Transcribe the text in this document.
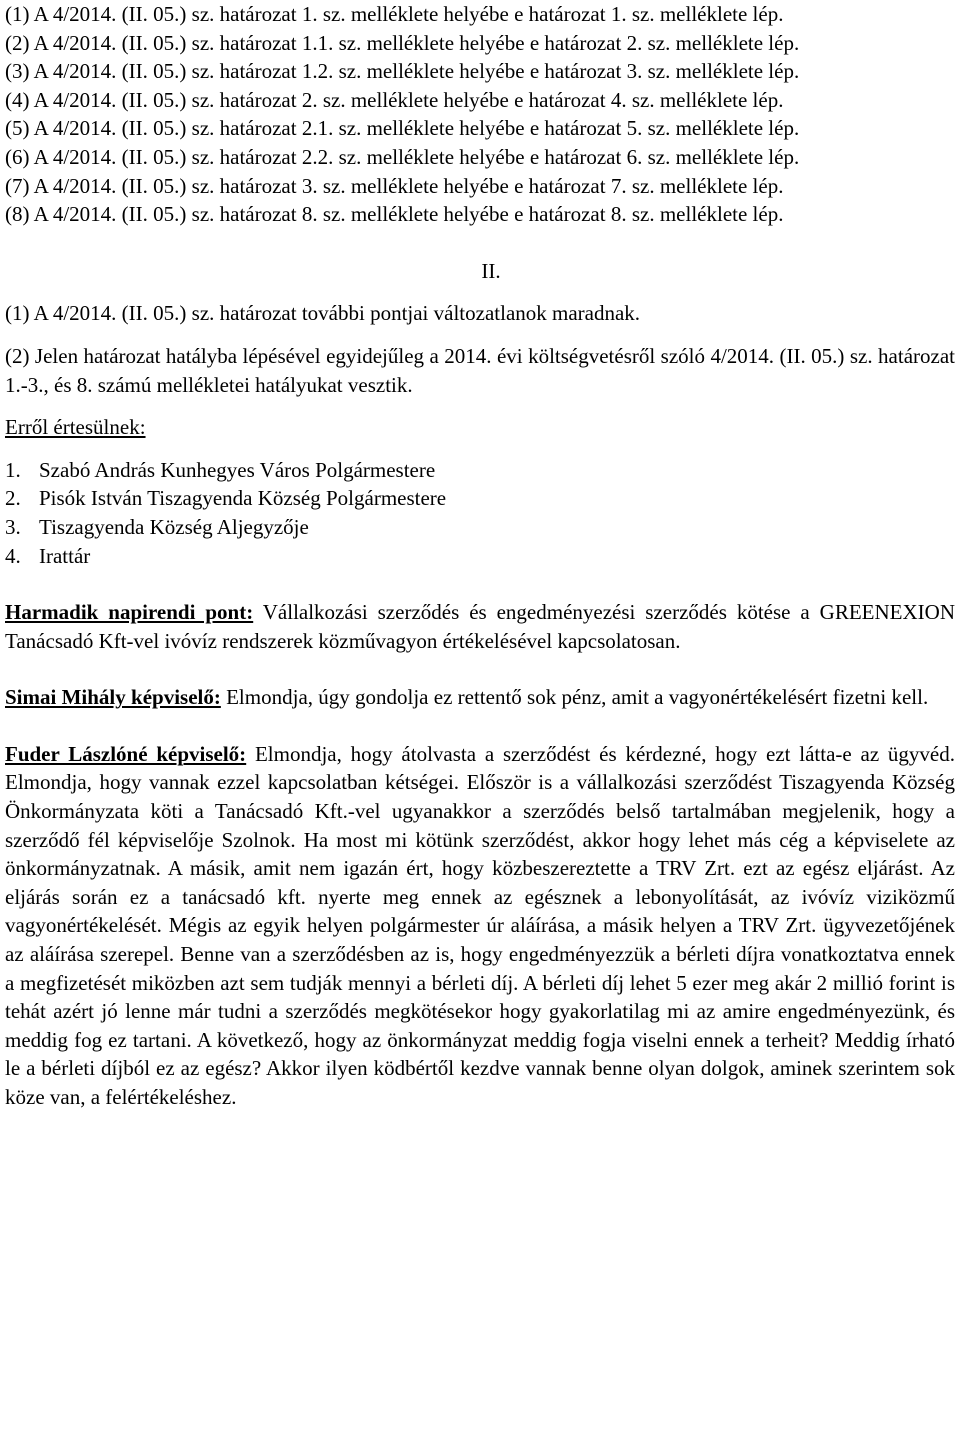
(1) A 4/2014. (II. 05.) sz. határozat 1. sz. melléklete helyébe e határozat 1. sz. melléklete lép.

(2) A 4/2014. (II. 05.) sz. határozat 1.1. sz. melléklete helyébe e határozat 2. sz. melléklete lép.

(3) A 4/2014. (II. 05.) sz. határozat 1.2. sz. melléklete helyébe e határozat 3. sz. melléklete lép.

(4) A 4/2014. (II. 05.) sz. határozat 2. sz. melléklete helyébe e határozat 4. sz. melléklete lép.

(5) A 4/2014. (II. 05.) sz. határozat 2.1. sz. melléklete helyébe e határozat 5. sz. melléklete lép.

(6) A 4/2014. (II. 05.) sz. határozat 2.2. sz. melléklete helyébe e határozat 6. sz. melléklete lép.

(7) A 4/2014. (II. 05.) sz. határozat 3. sz. melléklete helyébe e határozat 7. sz. melléklete lép.

(8) A 4/2014. (II. 05.) sz. határozat 8. sz. melléklete helyébe e határozat 8. sz. melléklete lép.

II.

(1) A 4/2014. (II. 05.) sz. határozat további pontjai változatlanok maradnak.

(2) Jelen határozat hatályba lépésével egyidejűleg a 2014. évi költségvetésről szóló 4/2014. (II. 05.) sz. határozat 1.-3., és 8. számú mellékletei hatályukat vesztik.

Erről értesülnek:

1. Szabó András Kunhegyes Város Polgármestere
2. Pisók István Tiszagyenda Község Polgármestere
3. Tiszagyenda Község Aljegyzője
4. Irattár

Harmadik napirendi pont: Vállalkozási szerződés és engedményezési szerződés kötése a GREENEXION Tanácsadó Kft-vel ivóvíz rendszerek közművagyon értékelésével kapcsolatosan.

Simai Mihály képviselő: Elmondja, úgy gondolja ez rettentő sok pénz, amit a vagyonértékelésért fizetni kell.

Fuder Lászlóné képviselő: Elmondja, hogy átolvasta a szerződést és kérdezné, hogy ezt látta-e az ügyvéd. Elmondja, hogy vannak ezzel kapcsolatban kétségei. Először is a vállalkozási szerződést Tiszagyenda Község Önkormányzata köti a Tanácsadó Kft.-vel ugyanakkor a szerződés belső tartalmában megjelenik, hogy a szerződő fél képviselője Szolnok. Ha most mi kötünk szerződést, akkor hogy lehet más cég a képviselete az önkormányzatnak. A másik, amit nem igazán ért, hogy közbeszereztette a TRV Zrt. ezt az egész eljárást. Az eljárás során ez a tanácsadó kft. nyerte meg ennek az egésznek a lebonyolítását, az ivóvíz viziközmű vagyonértékelését. Mégis az egyik helyen polgármester úr aláírása, a másik helyen a TRV Zrt. ügyvezetőjének az aláírása szerepel. Benne van a szerződésben az is, hogy engedményezzük a bérleti díjra vonatkoztatva ennek a megfizetését miközben azt sem tudják mennyi a bérleti díj. A bérleti díj lehet 5 ezer meg akár 2 millió forint is tehát azért jó lenne már tudni a szerződés megkötésekor hogy gyakorlatilag mi az amire engedményezünk, és meddig fog ez tartani. A következő, hogy az önkormányzat meddig fogja viselni ennek a terheit? Meddig írható le a bérleti díjból ez az egész? Akkor ilyen ködbértől kezdve vannak benne olyan dolgok, aminek szerintem sok köze van, a felértékeléshez.
